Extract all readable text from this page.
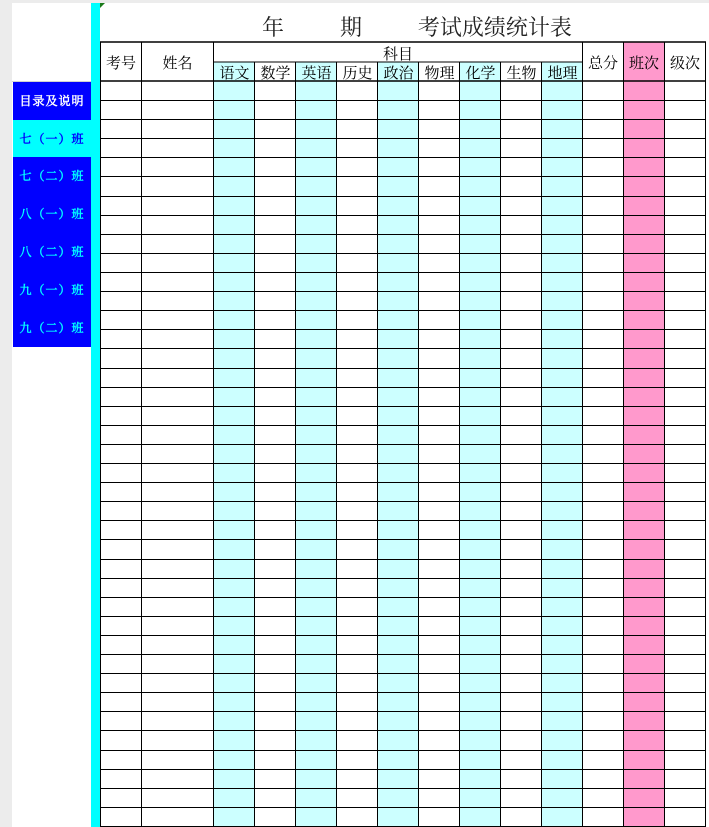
年        期        考试成绩统计表

考号	姓名	科目
语文 数学 英语 历史 政治 物理 化学 生物 地理
总分 班次 级次
目录及说明
七（一）班
七（二）班
八（一）班
八（二）班
九（一）班
九（二）班
